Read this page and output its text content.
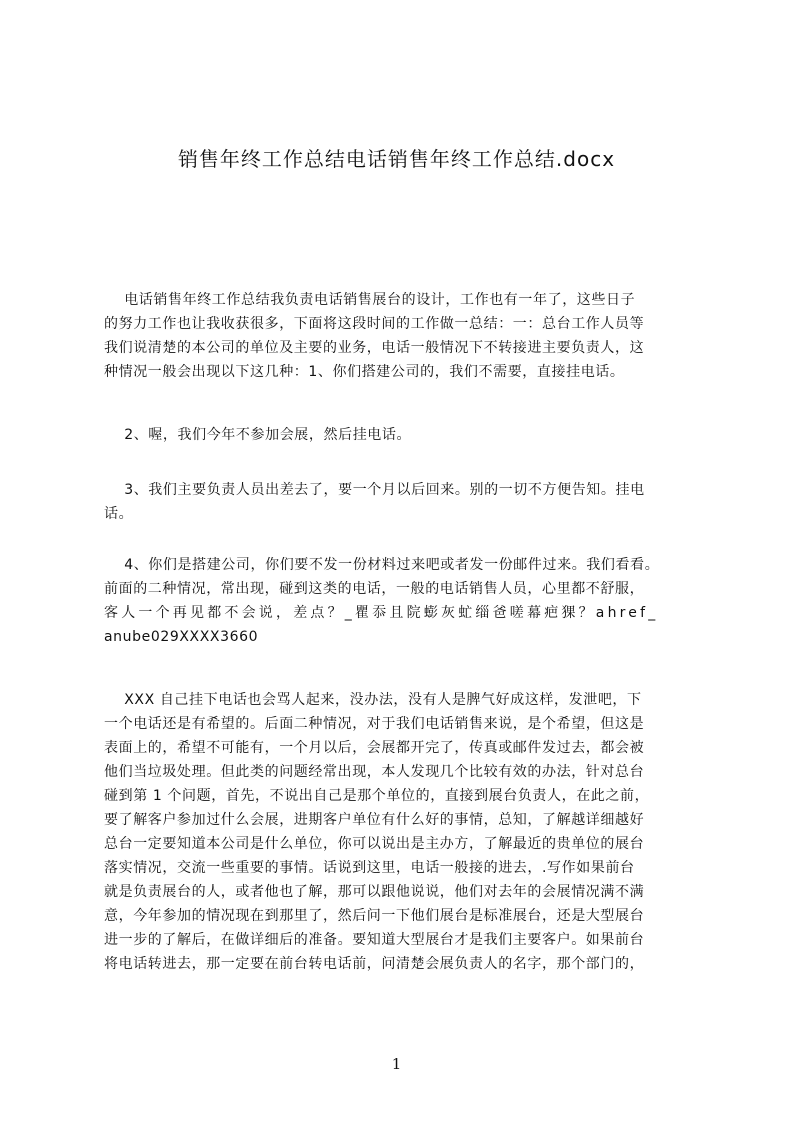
销售年终工作总结电话销售年终工作总结.docx
电话销售年终工作总结我负责电话销售展台的设计，工作也有一年了，这些日子
的努力工作也让我收获很多，下面将这段时间的工作做一总结：一：总台工作人员等
我们说清楚的本公司的单位及主要的业务，电话一般情况下不转接进主要负责人，这
种情况一般会出现以下这几种：1、你们搭建公司的，我们不需要，直接挂电话。
2、喔，我们今年不参加会展，然后挂电话。
3、我们主要负责人员出差去了，要一个月以后回来。别的一切不方便告知。挂电
话。
4、你们是搭建公司，你们要不发一份材料过来吧或者发一份邮件过来。我们看看。
前面的二种情况，常出现，碰到这类的电话，一般的电话销售人员，心里都不舒服，
客人一个再见都不会说，差点？_瞿忝且院蟛灰虻缁爸嗟幕疤猓？ahref_
anube029XXXX3660
XXX 自己挂下电话也会骂人起来，没办法，没有人是脾气好成这样，发泄吧，下
一个电话还是有希望的。后面二种情况，对于我们电话销售来说，是个希望，但这是
表面上的，希望不可能有，一个月以后，会展都开完了，传真或邮件发过去，都会被
他们当垃圾处理。但此类的问题经常出现，本人发现几个比较有效的办法，针对总台
碰到第 1 个问题，首先，不说出自己是那个单位的，直接到展台负责人，在此之前，
要了解客户参加过什么会展，进期客户单位有什么好的事情，总知，了解越详细越好
总台一定要知道本公司是什么单位，你可以说出是主办方，了解最近的贵单位的展台
落实情况，交流一些重要的事情。话说到这里，电话一般接的进去，.写作如果前台
就是负责展台的人，或者他也了解，那可以跟他说说，他们对去年的会展情况满不满
意，今年参加的情况现在到那里了，然后问一下他们展台是标准展台，还是大型展台
进一步的了解后，在做详细后的准备。要知道大型展台才是我们主要客户。如果前台
将电话转进去，那一定要在前台转电话前，问清楚会展负责人的名字，那个部门的，
1
